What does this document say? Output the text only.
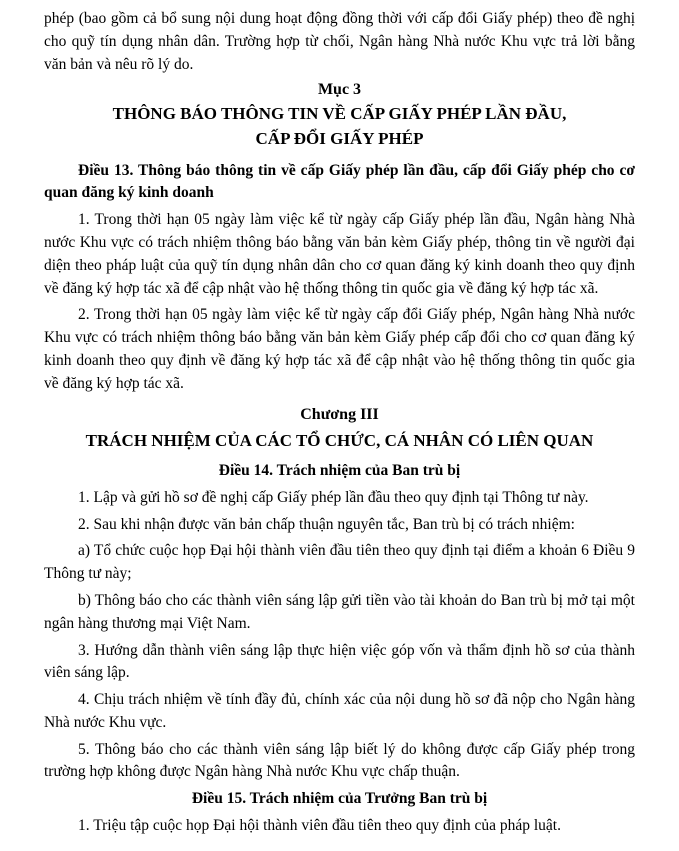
phép (bao gồm cả bổ sung nội dung hoạt động đồng thời với cấp đổi Giấy phép) theo đề nghị cho quỹ tín dụng nhân dân. Trường hợp từ chối, Ngân hàng Nhà nước Khu vực trả lời bằng văn bản và nêu rõ lý do.

Mục 3

THÔNG BÁO THÔNG TIN VỀ CẤP GIẤY PHÉP LẦN ĐẦU,

CẤP ĐỔI GIẤY PHÉP

Điều 13. Thông báo thông tin về cấp Giấy phép lần đầu, cấp đổi Giấy phép cho cơ quan đăng ký kinh doanh

1. Trong thời hạn 05 ngày làm việc kể từ ngày cấp Giấy phép lần đầu, Ngân hàng Nhà nước Khu vực có trách nhiệm thông báo bằng văn bản kèm Giấy phép, thông tin về người đại diện theo pháp luật của quỹ tín dụng nhân dân cho cơ quan đăng ký kinh doanh theo quy định về đăng ký hợp tác xã để cập nhật vào hệ thống thông tin quốc gia về đăng ký hợp tác xã.

2. Trong thời hạn 05 ngày làm việc kể từ ngày cấp đổi Giấy phép, Ngân hàng Nhà nước Khu vực có trách nhiệm thông báo bằng văn bản kèm Giấy phép cấp đổi cho cơ quan đăng ký kinh doanh theo quy định về đăng ký hợp tác xã để cập nhật vào hệ thống thông tin quốc gia về đăng ký hợp tác xã.

Chương III

TRÁCH NHIỆM CỦA CÁC TỔ CHỨC, CÁ NHÂN CÓ LIÊN QUAN

Điều 14. Trách nhiệm của Ban trù bị

1. Lập và gửi hồ sơ đề nghị cấp Giấy phép lần đầu theo quy định tại Thông tư này.

2. Sau khi nhận được văn bản chấp thuận nguyên tắc, Ban trù bị có trách nhiệm:

a) Tổ chức cuộc họp Đại hội thành viên đầu tiên theo quy định tại điểm a khoản 6 Điều 9 Thông tư này;

b) Thông báo cho các thành viên sáng lập gửi tiền vào tài khoản do Ban trù bị mở tại một ngân hàng thương mại Việt Nam.

3. Hướng dẫn thành viên sáng lập thực hiện việc góp vốn và thẩm định hồ sơ của thành viên sáng lập.

4. Chịu trách nhiệm về tính đầy đủ, chính xác của nội dung hồ sơ đã nộp cho Ngân hàng Nhà nước Khu vực.

5. Thông báo cho các thành viên sáng lập biết lý do không được cấp Giấy phép trong trường hợp không được Ngân hàng Nhà nước Khu vực chấp thuận.

Điều 15. Trách nhiệm của Trưởng Ban trù bị

1. Triệu tập cuộc họp Đại hội thành viên đầu tiên theo quy định của pháp luật.
